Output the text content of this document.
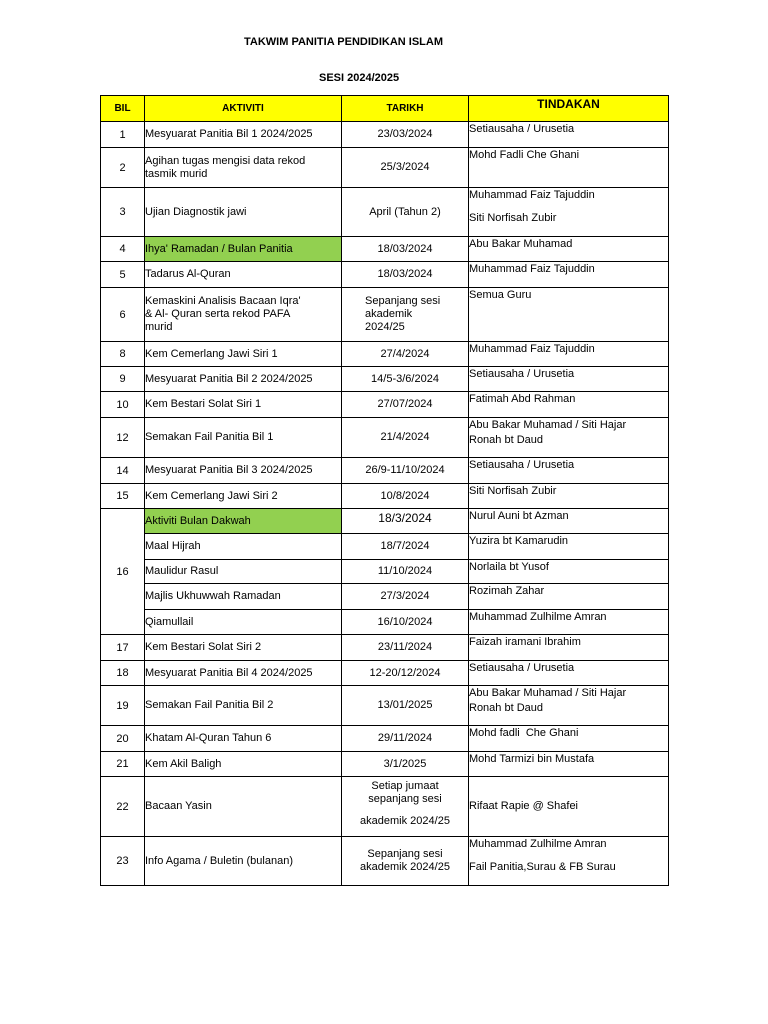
TAKWIM PANITIA PENDIDIKAN ISLAM
SESI 2024/2025
BIL	AKTIVITI	TARIKH	TINDAKAN
1	Mesyuarat Panitia Bil 1 2024/2025	23/03/2024	Setiausaha / Urusetia
2	Agihan tugas mengisi data rekod
tasmik murid	25/3/2024	Mohd Fadli Che Ghani
3	Ujian Diagnostik jawi	April (Tahun 2)	Muhammad Faiz Tajuddin
Siti Norfisah Zubir

4	Ihya' Ramadan / Bulan Panitia	18/03/2024	Abu Bakar Muhamad
5	Tadarus Al-Quran	18/03/2024	Muhammad Faiz Tajuddin
6	Kemaskini Analisis Bacaan Iqra'
& Al- Quran serta rekod PAFA
murid	Sepanjang sesi
akademik
2024/25	Semua Guru
8	Kem Cemerlang Jawi Siri 1	27/4/2024	Muhammad Faiz Tajuddin
9	Mesyuarat Panitia Bil 2 2024/2025	14/5-3/6/2024	Setiausaha / Urusetia
10	Kem Bestari Solat Siri 1	27/07/2024	Fatimah Abd Rahman
12	Semakan Fail Panitia Bil 1	21/4/2024	Abu Bakar Muhamad / Siti Hajar
Ronah bt Daud

14	Mesyuarat Panitia Bil 3 2024/2025	26/9-11/10/2024	Setiausaha / Urusetia
15	Kem Cemerlang Jawi Siri 2	10/8/2024	Siti Norfisah Zubir
16	Aktiviti Bulan Dakwah	18/3/2024	Nurul Auni bt Azman
	Maal Hijrah	18/7/2024	Yuzira bt Kamarudin
	Maulidur Rasul	11/10/2024	Norlaila bt Yusof
	Majlis Ukhuwwah Ramadan	27/3/2024	Rozimah Zahar
	Qiamullail	16/10/2024	Muhammad Zulhilme Amran
17	Kem Bestari Solat Siri 2	23/11/2024	Faizah iramani Ibrahim
18	Mesyuarat Panitia Bil 4 2024/2025	12-20/12/2024	Setiausaha / Urusetia
19	Semakan Fail Panitia Bil 2	13/01/2025	Abu Bakar Muhamad / Siti Hajar
Ronah bt Daud

20	Khatam Al-Quran Tahun 6	29/11/2024	Mohd fadli  Che Ghani
21	Kem Akil Baligh	3/1/2025	Mohd Tarmizi bin Mustafa
22	Bacaan Yasin	Setiap jumaat
sepanjang sesi
akademik 2024/25	Rifaat Rapie @ Shafei
23	Info Agama / Buletin (bulanan)	Sepanjang sesi
akademik 2024/25	Muhammad Zulhilme Amran
Fail Panitia,Surau & FB Surau
